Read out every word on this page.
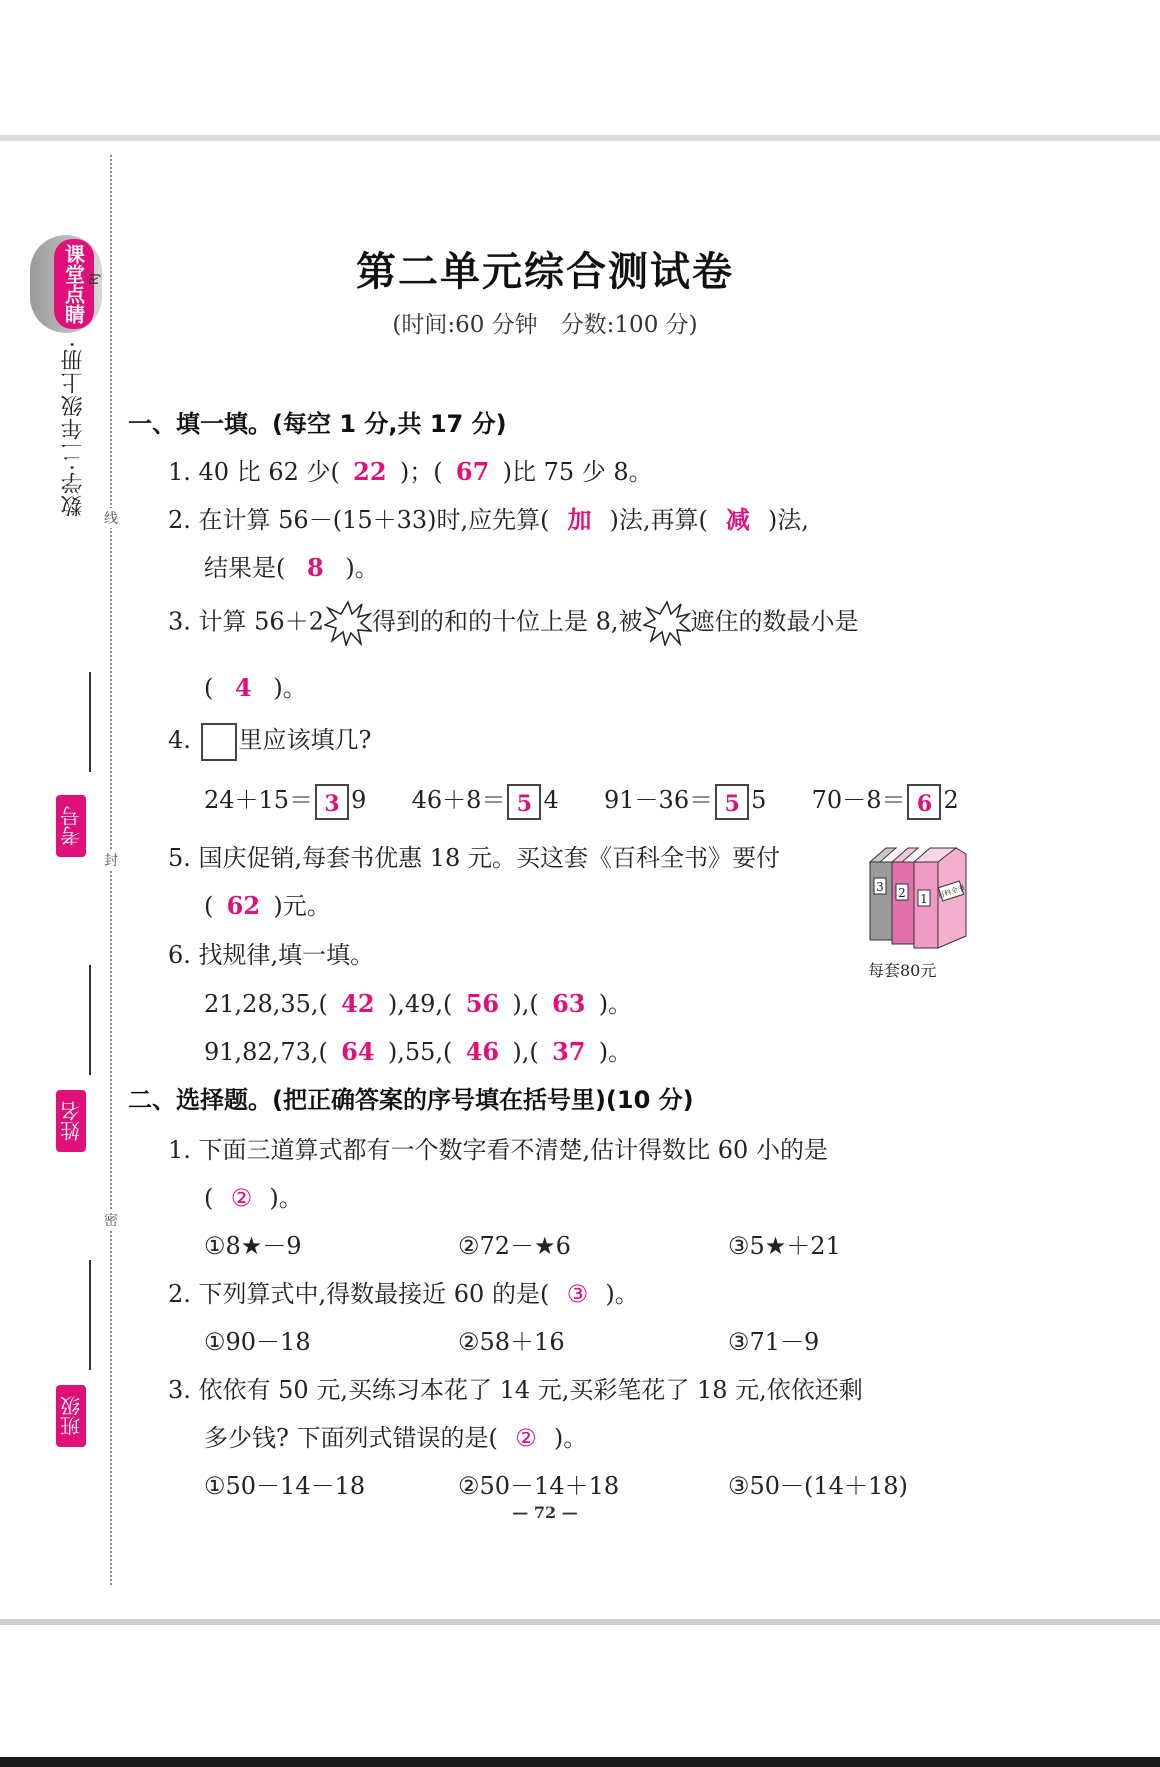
课堂点睛 RJ
数学·二年级上册·
考号
姓名
班级
线
封
密
第二单元综合测试卷
(时间:60 分钟　分数:100 分)
一、填一填。(每空 1 分,共 17 分)
1. 40 比 62 少( 22 )；( 67 )比 75 少 8。
2. 在计算 56－(15＋33)时,应先算( 加 )法,再算( 减 )法,
结果是( 8 )。
3. 计算 56＋2 得到的和的十位上是 8,被 遮住的数最小是
( 4 )。
4. 里应该填几?
24＋15＝ 3 9 46＋8＝ 5 4 91－36＝ 5 5 70－8＝ 6 2
5. 国庆促销,每套书优惠 18 元。买这套《百科全书》要付
( 62 )元。
3 2 1 百科全书
每套80元
6. 找规律,填一填。
21,28,35,( 42 ),49,( 56 ),( 63 )。
91,82,73,( 64 ),55,( 46 ),( 37 )。
二、选择题。(把正确答案的序号填在括号里)(10 分)
1. 下面三道算式都有一个数字看不清楚,估计得数比 60 小的是
( ② )。
①8★－9	②72－★6	③5★＋21
2. 下列算式中,得数最接近 60 的是( ③ )。
①90－18	②58＋16	③71－9
3. 依依有 50 元,买练习本花了 14 元,买彩笔花了 18 元,依依还剩
多少钱? 下面列式错误的是( ② )。
①50－14－18	②50－14＋18	③50－(14＋18)
— 72 —
